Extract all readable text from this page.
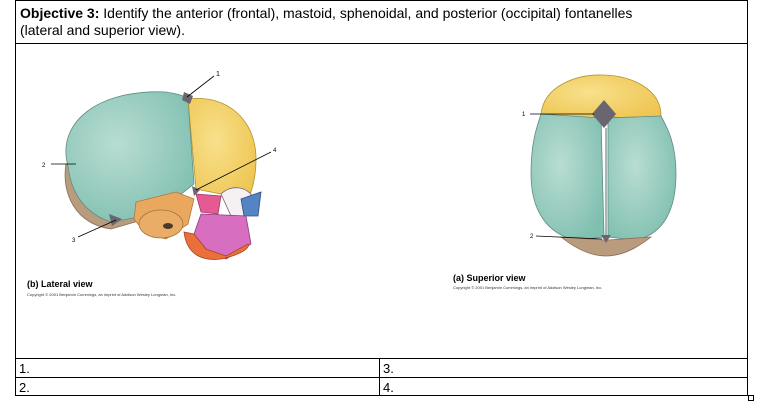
Objective 3: Identify the anterior (frontal), mastoid, sphenoidal, and posterior (occipital) fontanelles
(lateral and superior view).
1
2
3
4
1
2
(b) Lateral view
Copyright © 2001 Benjamin Cummings, an imprint of Addison Wesley Longman, Inc.
(a) Superior view
Copyright © 2001 Benjamin Cummings, an imprint of Addison Wesley Longman, Inc.
1.	3.
2.	4.
